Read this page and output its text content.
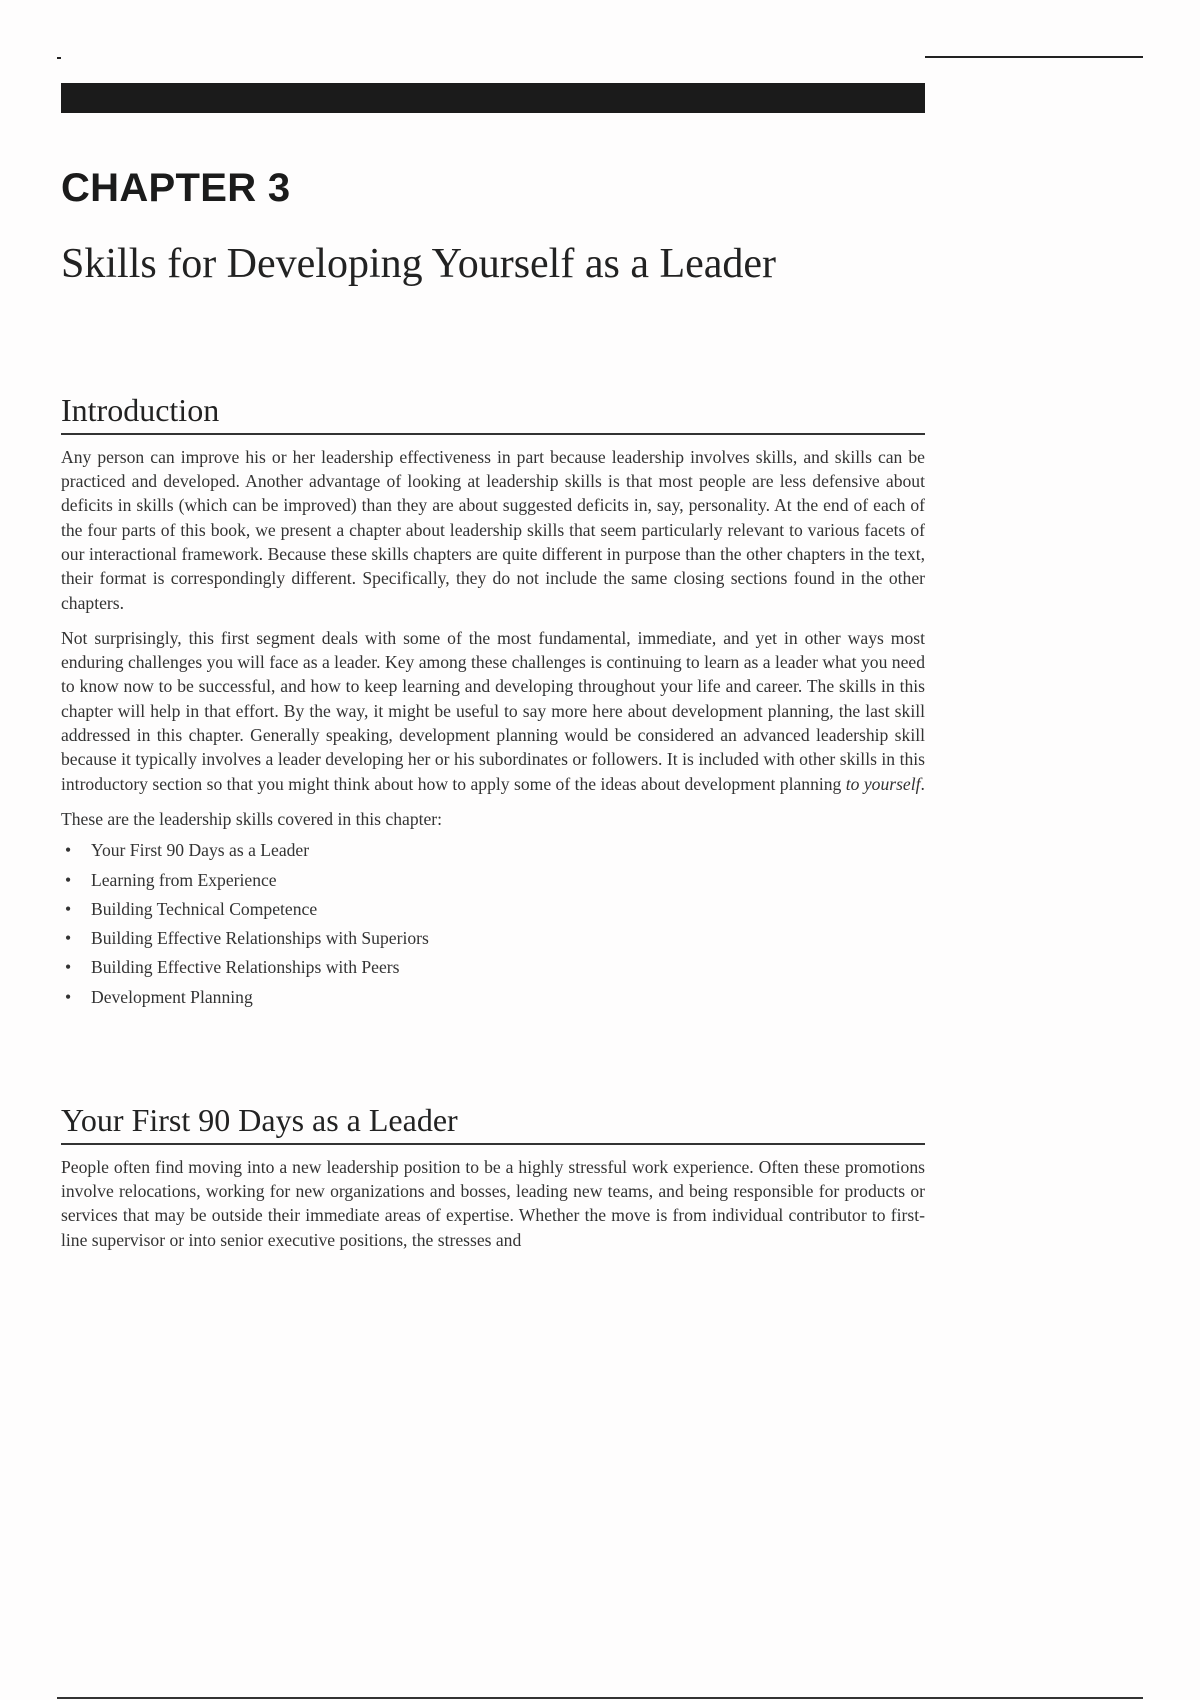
CHAPTER 3
Skills for Developing Yourself as a Leader
Introduction

Any person can improve his or her leadership effectiveness in part because leadership involves skills, and skills can be practiced and developed. Another advantage of looking at leadership skills is that most people are less defensive about deficits in skills (which can be improved) than they are about suggested deficits in, say, personality. At the end of each of the four parts of this book, we present a chapter about leadership skills that seem particularly relevant to various facets of our interactional framework. Because these skills chapters are quite different in purpose than the other chapters in the text, their format is correspondingly different. Specifically, they do not include the same closing sections found in the other chapters.

Not surprisingly, this first segment deals with some of the most fundamental, immediate, and yet in other ways most enduring challenges you will face as a leader. Key among these challenges is continuing to learn as a leader what you need to know now to be successful, and how to keep learning and developing throughout your life and career. The skills in this chapter will help in that effort. By the way, it might be useful to say more here about development planning, the last skill addressed in this chapter. Generally speaking, development planning would be considered an advanced leadership skill because it typically involves a leader developing her or his subordinates or followers. It is included with other skills in this introductory section so that you might think about how to apply some of the ideas about development planning to yourself.

These are the leadership skills covered in this chapter:

• Your First 90 Days as a Leader
• Learning from Experience
• Building Technical Competence
• Building Effective Relationships with Superiors
• Building Effective Relationships with Peers
• Development Planning
Your First 90 Days as a Leader

People often find moving into a new leadership position to be a highly stressful work experience. Often these promotions involve relocations, working for new organizations and bosses, leading new teams, and being responsible for products or services that may be outside their immediate areas of expertise. Whether the move is from individual contributor to first-line supervisor or into senior executive positions, the stresses and
